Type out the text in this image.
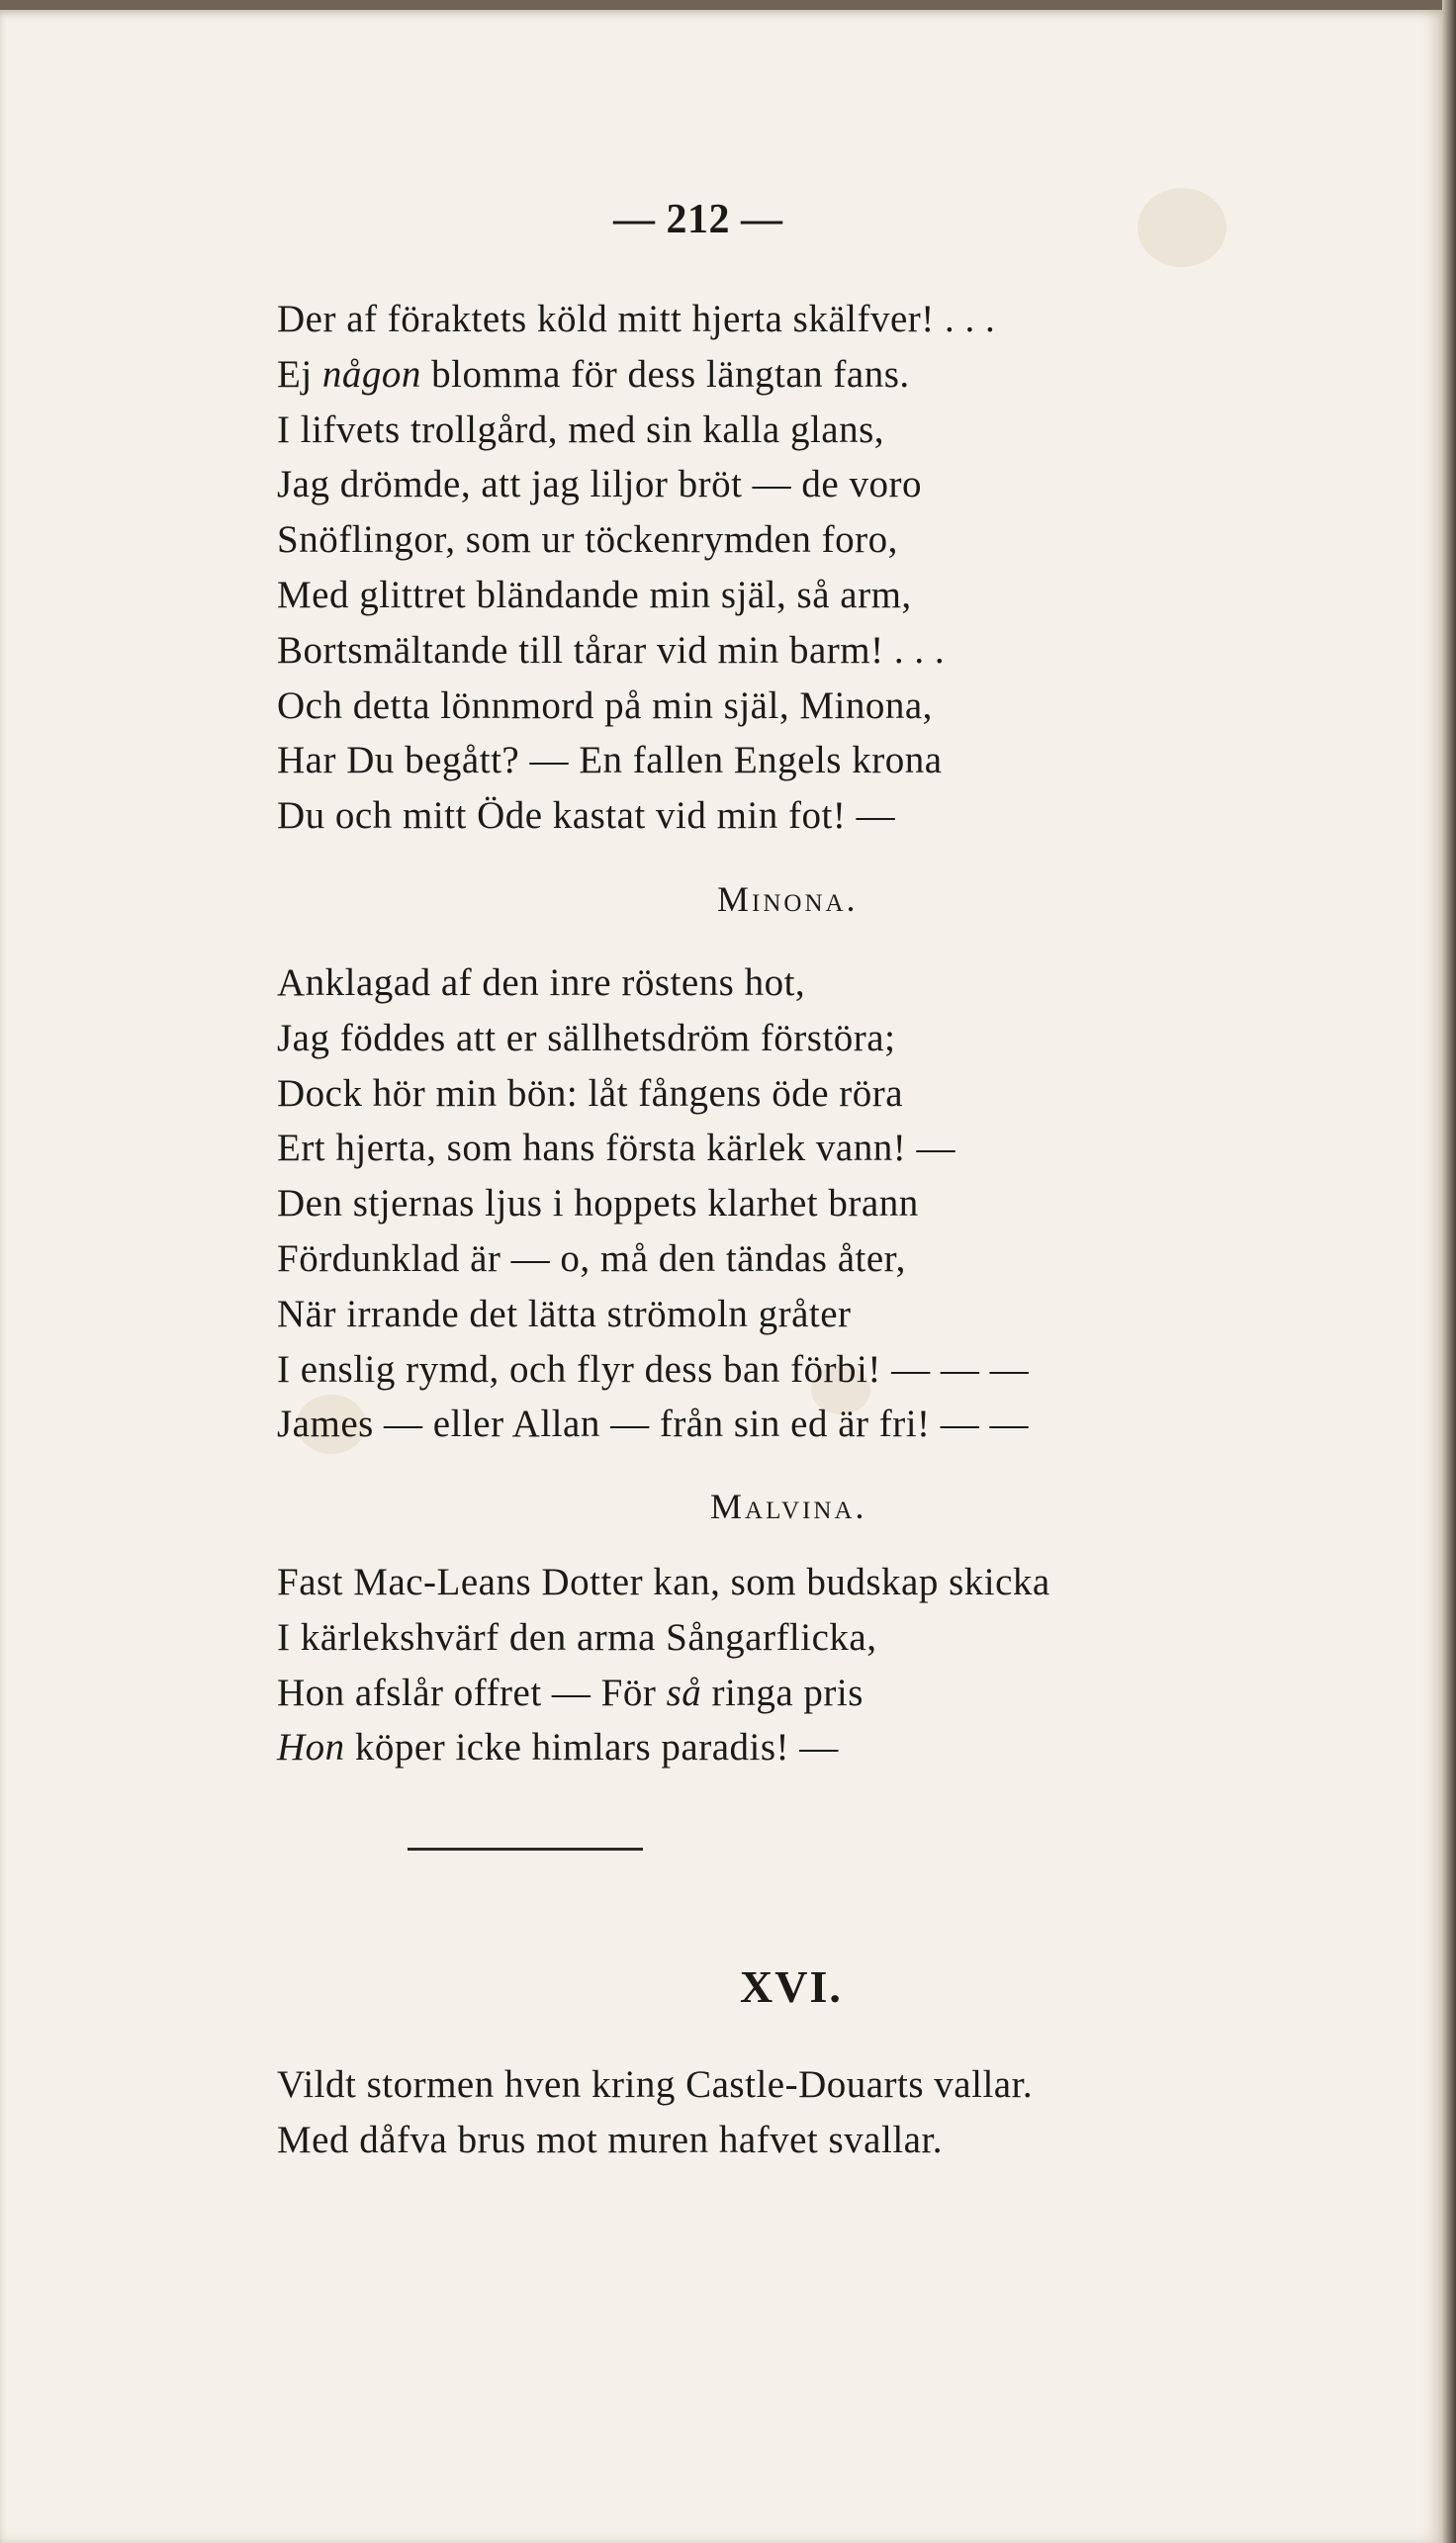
— 212 —
Der af föraktets köld mitt hjerta skälfver! . . .
Ej någon blomma för dess längtan fans.
I lifvets trollgård, med sin kalla glans,
Jag drömde, att jag liljor bröt — de voro
Snöflingor, som ur töckenrymden foro,
Med glittret bländande min själ, så arm,
Bortsmältande till tårar vid min barm! . . .
Och detta lönnmord på min själ, Minona,
Har Du begått? — En fallen Engels krona
Du och mitt Öde kastat vid min fot! —
Minona.
Anklagad af den inre röstens hot,
Jag föddes att er sällhetsdröm förstöra;
Dock hör min bön: låt fångens öde röra
Ert hjerta, som hans första kärlek vann! —
Den stjernas ljus i hoppets klarhet brann
Fördunklad är — o, må den tändas åter,
När irrande det lätta strömoln gråter
I enslig rymd, och flyr dess ban förbi! — — —
James — eller Allan — från sin ed är fri! — —
Malvina.
Fast Mac-Leans Dotter kan, som budskap skicka
I kärlekshvärf den arma Sångarflicka,
Hon afslår offret — För så ringa pris
Hon köper icke himlars paradis! —
XVI.
Vildt stormen hven kring Castle-Douarts vallar.
Med dåfva brus mot muren hafvet svallar.
